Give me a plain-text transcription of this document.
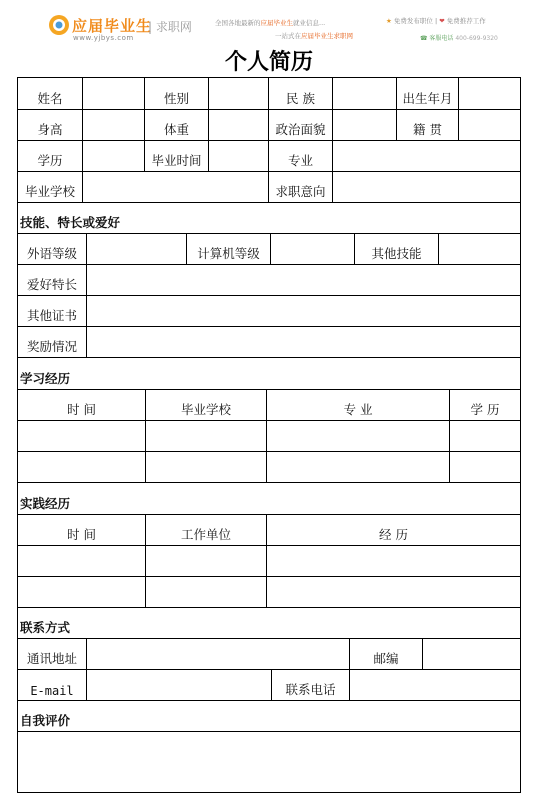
应届毕业生
www.yjbys.com
| 求职网	全国各地最新的应届毕业生就业信息...
一站式在应届毕业生求职网
★ 免费发布职位 | ❤ 免费推荐工作
☎ 客服电话 400-699-9320
个人简历
姓名	性别	民 族	出生年月
身高	体重	政治面貌	籍 贯
学历	毕业时间	专业
毕业学校	求职意向
技能、特长或爱好
外语等级	计算机等级	其他技能
爱好特长
其他证书
奖励情况
学习经历
时 间	毕业学校	专 业	学 历
实践经历
时 间	工作单位	经 历
联系方式
通讯地址	邮编
E-mail	联系电话
自我评价
